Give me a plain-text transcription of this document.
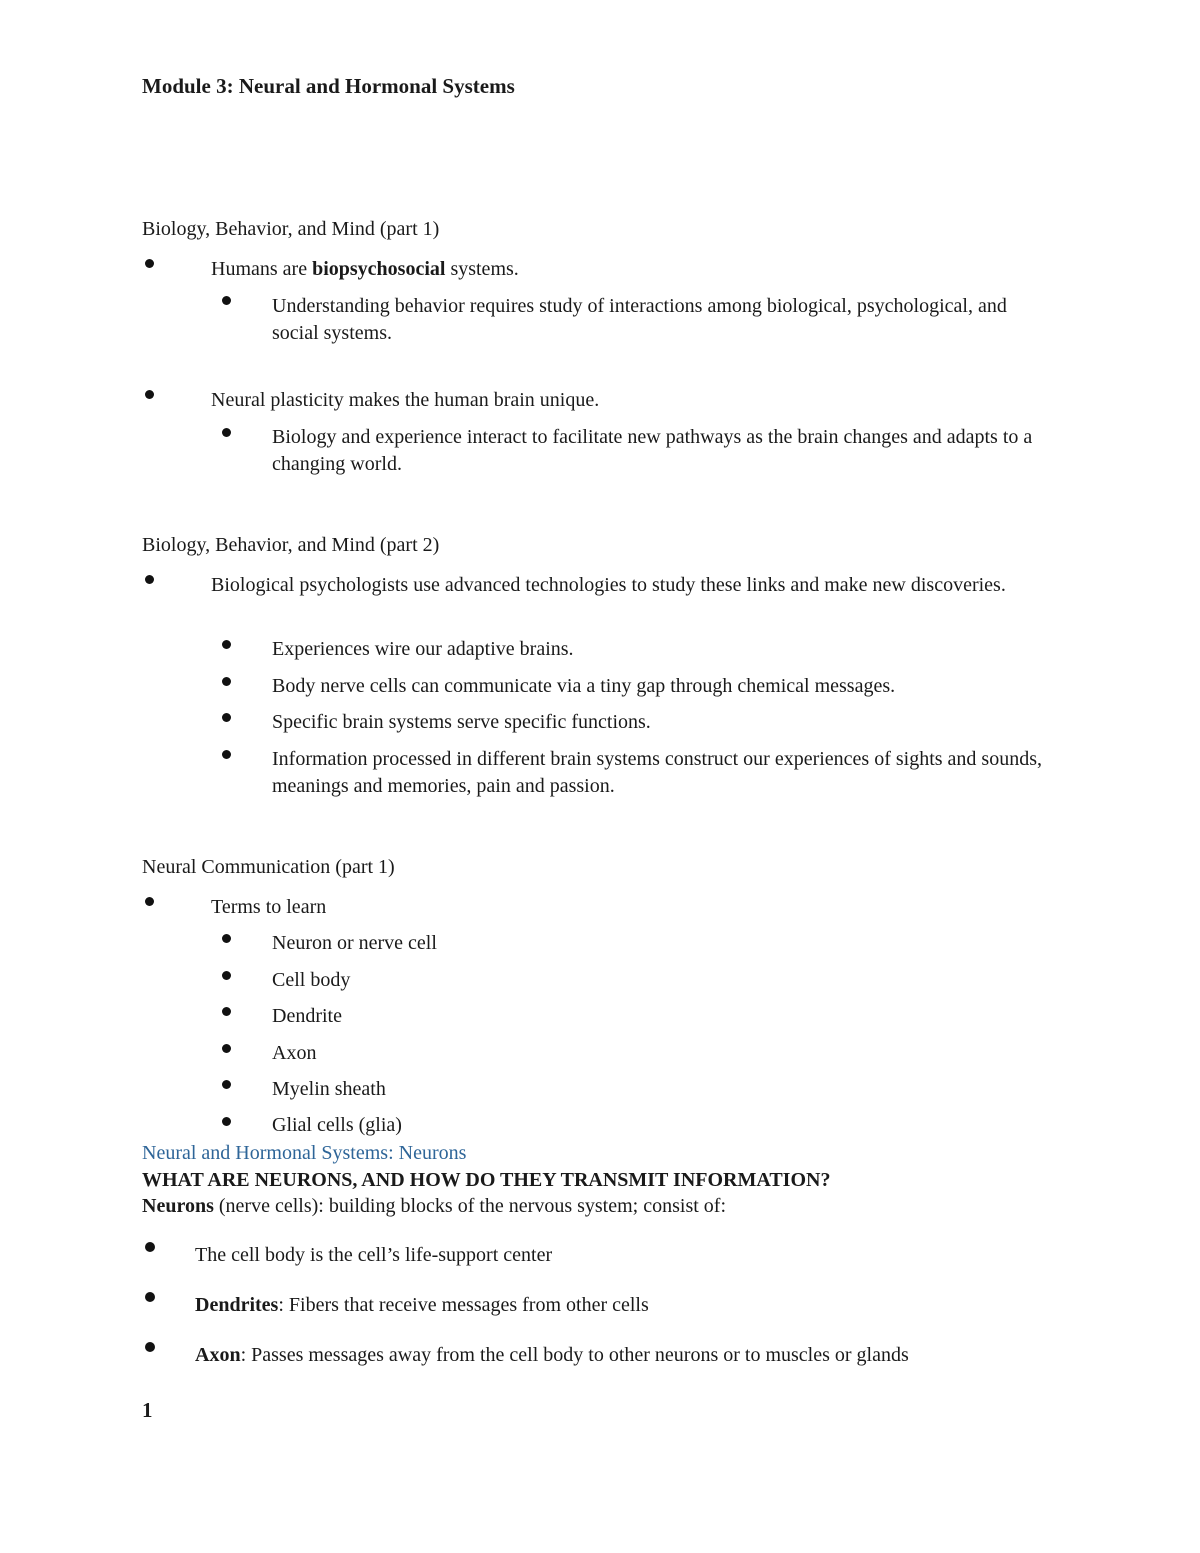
Module 3: Neural and Hormonal Systems
Biology, Behavior, and Mind (part 1)
Humans are biopsychosocial systems.
Understanding behavior requires study of interactions among biological, psychological, and social systems.
Neural plasticity makes the human brain unique.
Biology and experience interact to facilitate new pathways as the brain changes and adapts to a changing world.
Biology, Behavior, and Mind (part 2)
Biological psychologists use advanced technologies to study these links and make new discoveries.
Experiences wire our adaptive brains.
Body nerve cells can communicate via a tiny gap through chemical messages.
Specific brain systems serve specific functions.
Information processed in different brain systems construct our experiences of sights and sounds, meanings and memories, pain and passion.
Neural Communication (part 1)
Terms to learn
Neuron or nerve cell
Cell body
Dendrite
Axon
Myelin sheath
Glial cells (glia)
Neural and Hormonal Systems: Neurons
WHAT ARE NEURONS, AND HOW DO THEY TRANSMIT INFORMATION?
Neurons (nerve cells): building blocks of the nervous system; consist of:
The cell body is the cell’s life-support center
Dendrites: Fibers that receive messages from other cells
Axon: Passes messages away from the cell body to other neurons or to muscles or glands
1
